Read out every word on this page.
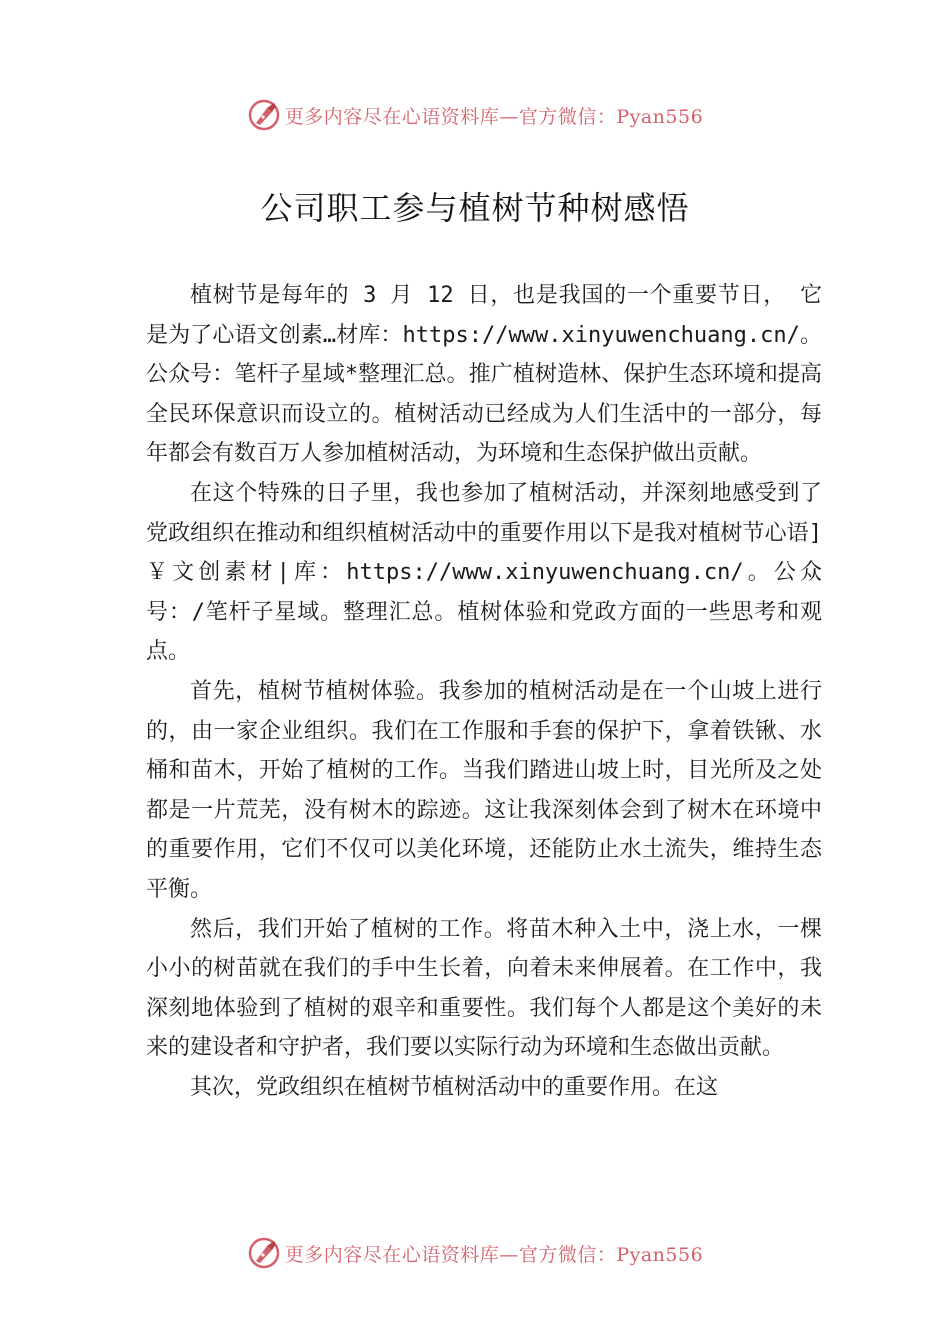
更多内容尽在心语资料库—官方微信：Pyan556
公司职工参与植树节种树感悟

植树节是每年的 3 月 12 日，也是我国的一个重要节日， 它是为了心语文创素…材库：https://www.xinyuwenchuang.cn/。公众号：笔杆子星域*整理汇总。推广植树造林、保护生态环境和提高全民环保意识而设立的。植树活动已经成为人们生活中的一部分，每年都会有数百万人参加植树活动，为环境和生态保护做出贡献。

在这个特殊的日子里，我也参加了植树活动，并深刻地感受到了党政组织在推动和组织植树活动中的重要作用以下是我对植树节心语]￥文创素材|库：https://www.xinyuwenchuang.cn/。公众号：/笔杆子星域。整理汇总。植树体验和党政方面的一些思考和观点。

首先，植树节植树体验。我参加的植树活动是在一个山坡上进行的，由一家企业组织。我们在工作服和手套的保护下，拿着铁锹、水桶和苗木，开始了植树的工作。当我们踏进山坡上时，目光所及之处都是一片荒芜，没有树木的踪迹。这让我深刻体会到了树木在环境中的重要作用，它们不仅可以美化环境，还能防止水土流失，维持生态平衡。

然后，我们开始了植树的工作。将苗木种入土中，浇上水，一棵小小的树苗就在我们的手中生长着，向着未来伸展着。在工作中，我深刻地体验到了植树的艰辛和重要性。我们每个人都是这个美好的未来的建设者和守护者，我们要以实际行动为环境和生态做出贡献。

其次，党政组织在植树节植树活动中的重要作用。在这

更多内容尽在心语资料库—官方微信：Pyan556
